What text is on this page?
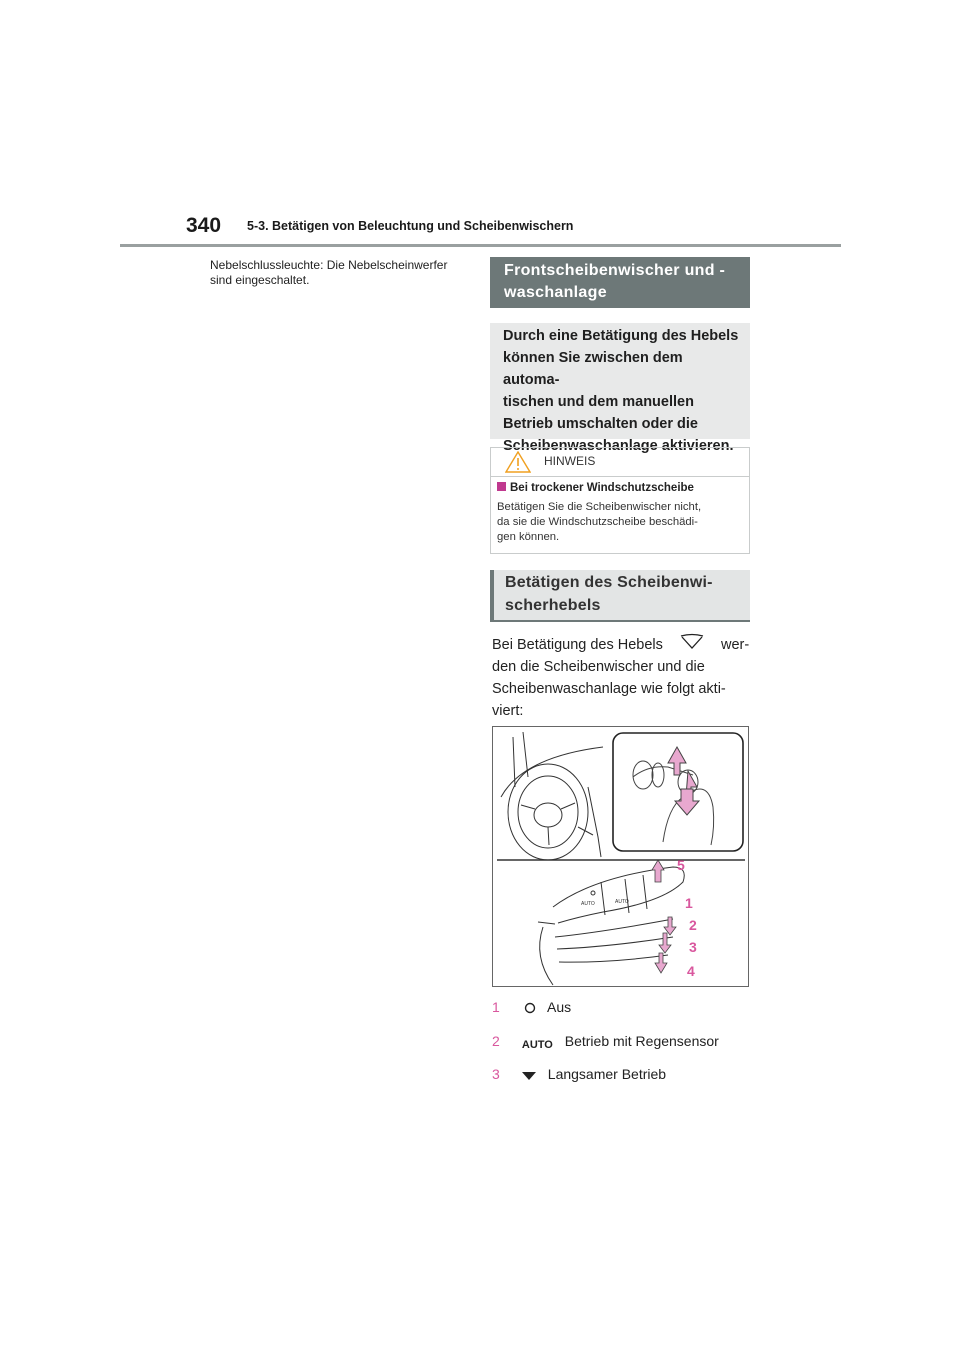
340 5-3. Betätigen von Beleuchtung und Scheibenwischern
Nebelschlussleuchte: Die Nebelscheinwerfer sind eingeschaltet.
Frontscheibenwischer und -waschanlage
Durch eine Betätigung des Hebels
können Sie zwischen dem automa-
tischen und dem manuellen
Betrieb umschalten oder die
Scheibenwaschanlage aktivieren.
HINWEIS
Bei trockener Windschutzscheibe
Betätigen Sie die Scheibenwischer nicht,
da sie die Windschutzscheibe beschädi-
gen können.
Betätigen des Scheibenwi-
scherhebels
Bei Betätigung des Hebels	wer-
den die Scheibenwischer und die
Scheibenwaschanlage wie folgt akti-
viert:
AUTO	AUTO
5
1
2
3
4
1	Aus
2 AUTO Betrieb mit Regensensor
3	Langsamer Betrieb
